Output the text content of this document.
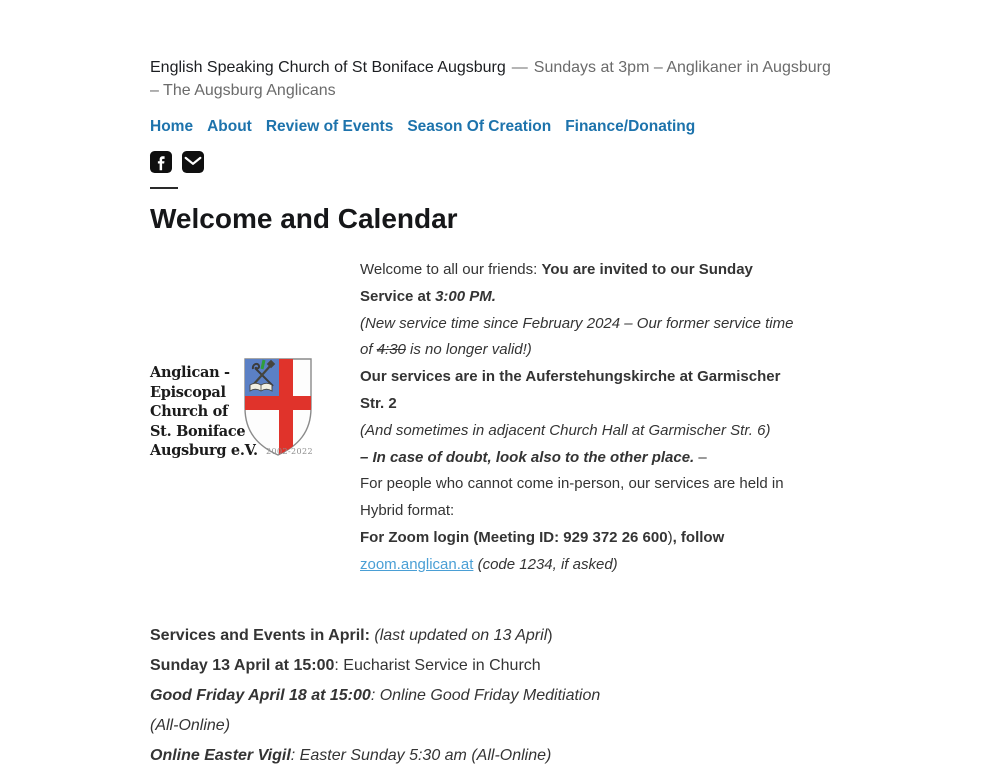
English Speaking Church of St Boniface Augsburg — Sundays at 3pm – Anglikaner in Augsburg – The Augsburg Anglicans

Home About Review of Events Season Of Creation Finance/Donating
Welcome and Calendar
Anglican -
Episcopal
Church of
St. Boniface
Augsburg e.V. 2002-2022
Welcome to all our friends: You are invited to our Sunday
Service at 3:00 PM.
(New service time since February 2024 – Our former service time
of 4:30 is no longer valid!)
Our services are in the Auferstehungskirche at Garmischer
Str. 2
(And sometimes in adjacent Church Hall at Garmischer Str. 6)
– In case of doubt, look also to the other place. –
For people who cannot come in-person, our services are held in
Hybrid format:
For Zoom login (Meeting ID: 929 372 26 600), follow
zoom.anglican.at (code 1234, if asked)
Services and Events in April: (last updated on 13 April)
Sunday 13 April at 15:00: Eucharist Service in Church
Good Friday April 18 at 15:00: Online Good Friday Meditiation
(All-Online)
Online Easter Vigil: Easter Sunday 5:30 am (All-Online)
